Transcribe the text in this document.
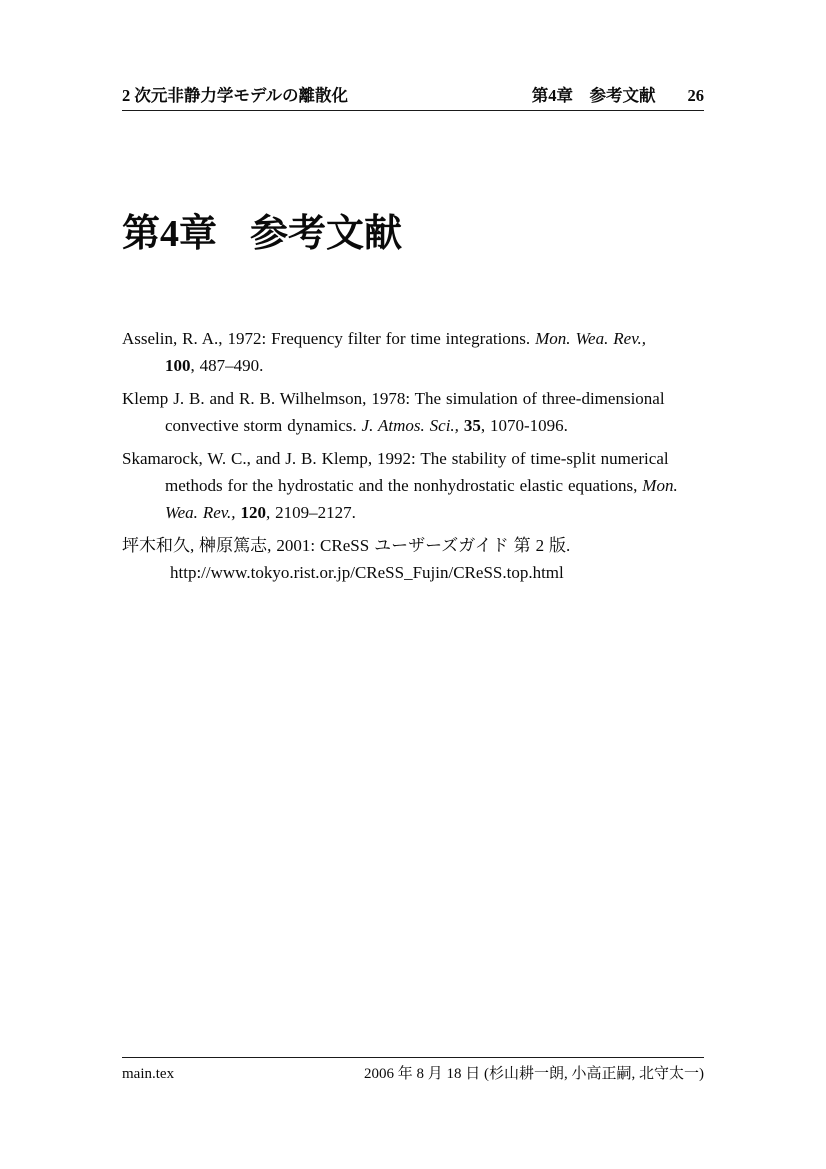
2 次元非静力学モデルの離散化	第4章　参考文献 26
第4章 参考文献

Asselin, R. A., 1972: Frequency filter for time integrations. Mon. Wea. Rev.,
100, 487–490.

Klemp J. B. and R. B. Wilhelmson, 1978: The simulation of three-dimensional
convective storm dynamics. J. Atmos. Sci., 35, 1070-1096.

Skamarock, W. C., and J. B. Klemp, 1992: The stability of time-split numerical
methods for the hydrostatic and the nonhydrostatic elastic equations, Mon.
Wea. Rev., 120, 2109–2127.

坪木和久, 榊原篤志, 2001: CReSS ユーザーズガイド 第 2 版.
http://www.tokyo.rist.or.jp/CReSS_Fujin/CReSS.top.html

main.tex	2006 年 8 月 18 日 (杉山耕一朗, 小高正嗣, 北守太一)
